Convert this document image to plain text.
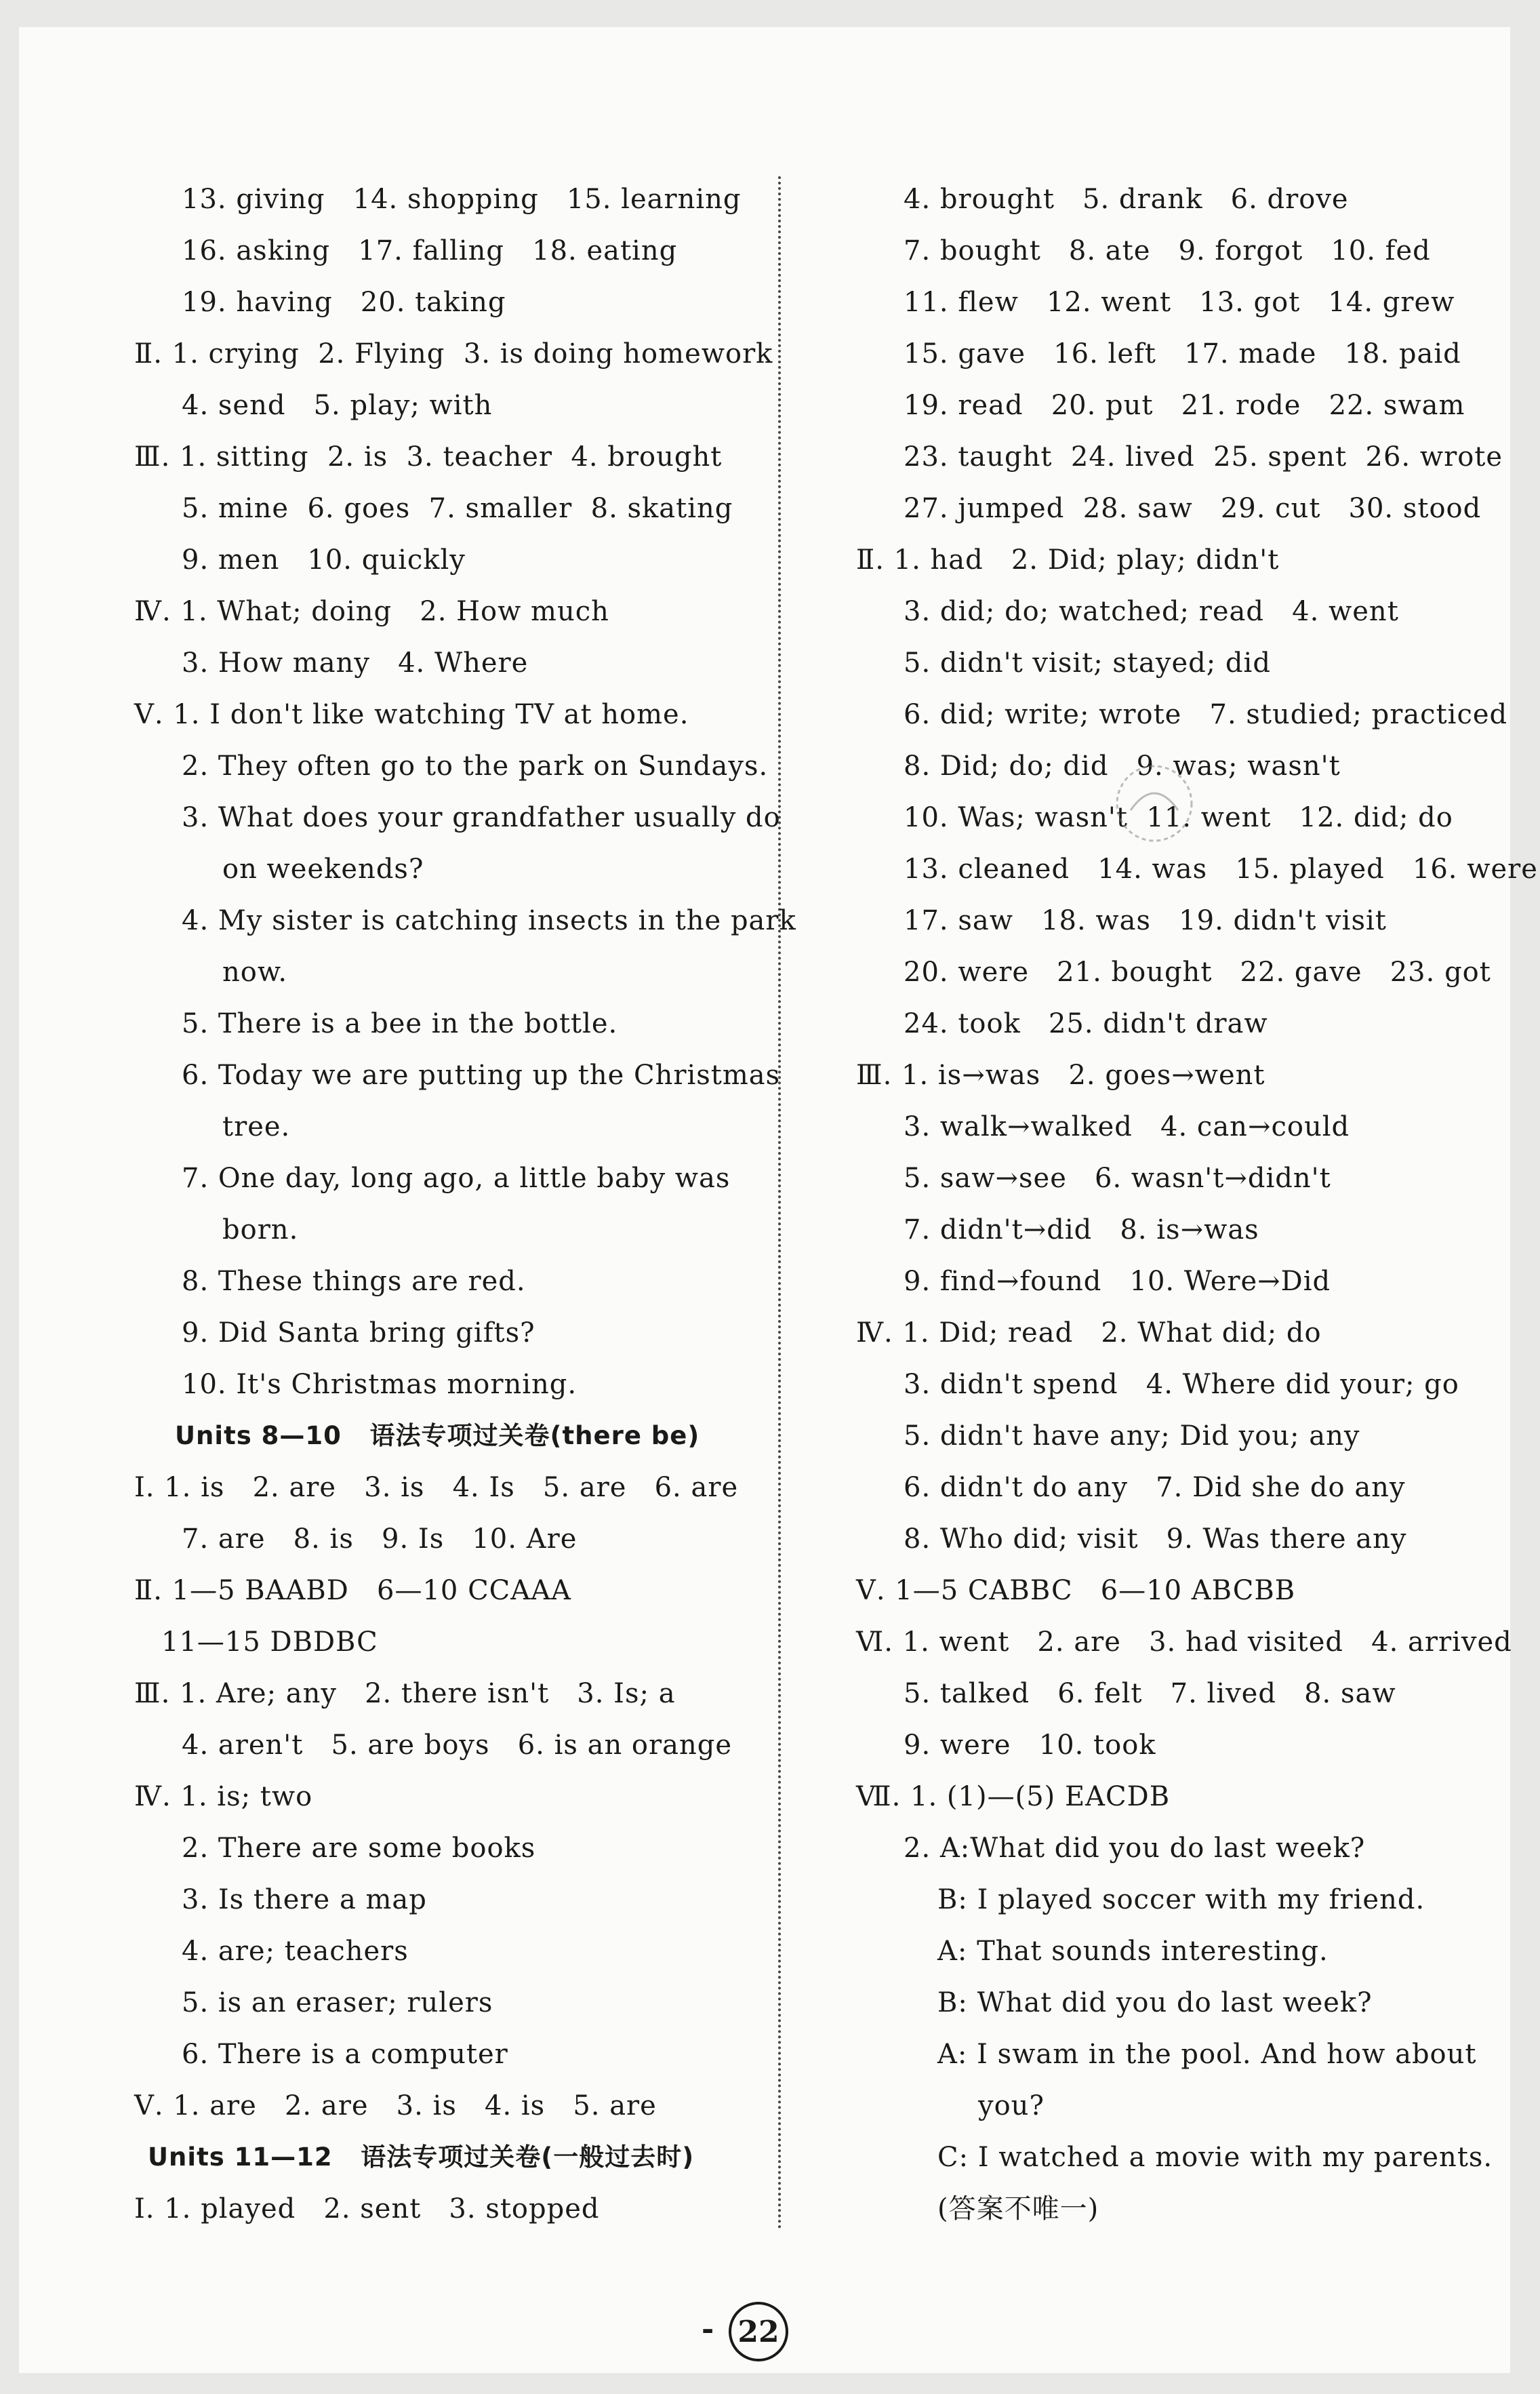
13. giving   14. shopping   15. learning
16. asking   17. falling   18. eating
19. having   20. taking
Ⅱ. 1. crying  2. Flying  3. is doing homework
4. send   5. play; with
Ⅲ. 1. sitting  2. is  3. teacher  4. brought
5. mine  6. goes  7. smaller  8. skating
9. men   10. quickly
Ⅳ. 1. What; doing   2. How much
3. How many   4. Where
Ⅴ. 1. I don't like watching TV at home.
2. They often go to the park on Sundays.
3. What does your grandfather usually do
on weekends?
4. My sister is catching insects in the park
now.
5. There is a bee in the bottle.
6. Today we are putting up the Christmas
tree.
7. One day, long ago, a little baby was
born.
8. These things are red.
9. Did Santa bring gifts?
10. It's Christmas morning.
Units 8—10   语法专项过关卷(there be)
Ⅰ. 1. is   2. are   3. is   4. Is   5. are   6. are
7. are   8. is   9. Is   10. Are
Ⅱ. 1—5 BAABD   6—10 CCAAA
11—15 DBDBC
Ⅲ. 1. Are; any   2. there isn't   3. Is; a
4. aren't   5. are boys   6. is an orange
Ⅳ. 1. is; two
2. There are some books
3. Is there a map
4. are; teachers
5. is an eraser; rulers
6. There is a computer
Ⅴ. 1. are   2. are   3. is   4. is   5. are
Units 11—12   语法专项过关卷(一般过去时)
Ⅰ. 1. played   2. sent   3. stopped
4. brought   5. drank   6. drove
7. bought   8. ate   9. forgot   10. fed
11. flew   12. went   13. got   14. grew
15. gave   16. left   17. made   18. paid
19. read   20. put   21. rode   22. swam
23. taught  24. lived  25. spent  26. wrote
27. jumped  28. saw   29. cut   30. stood
Ⅱ. 1. had   2. Did; play; didn't
3. did; do; watched; read   4. went
5. didn't visit; stayed; did
6. did; write; wrote   7. studied; practiced
8. Did; do; did   9. was; wasn't
10. Was; wasn't  11. went   12. did; do
13. cleaned   14. was   15. played   16. were
17. saw   18. was   19. didn't visit
20. were   21. bought   22. gave   23. got
24. took   25. didn't draw
Ⅲ. 1. is→was   2. goes→went
3. walk→walked   4. can→could
5. saw→see   6. wasn't→didn't
7. didn't→did   8. is→was
9. find→found   10. Were→Did
Ⅳ. 1. Did; read   2. What did; do
3. didn't spend   4. Where did your; go
5. didn't have any; Did you; any
6. didn't do any   7. Did she do any
8. Who did; visit   9. Was there any
Ⅴ. 1—5 CABBC   6—10 ABCBB
Ⅵ. 1. went   2. are   3. had visited   4. arrived
5. talked   6. felt   7. lived   8. saw
9. were   10. took
Ⅶ. 1. (1)—(5) EACDB
2. A:What did you do last week?
B: I played soccer with my friend.
A: That sounds interesting.
B: What did you do last week?
A: I swam in the pool. And how about
you?
C: I watched a movie with my parents.
(答案不唯一)
- 22
